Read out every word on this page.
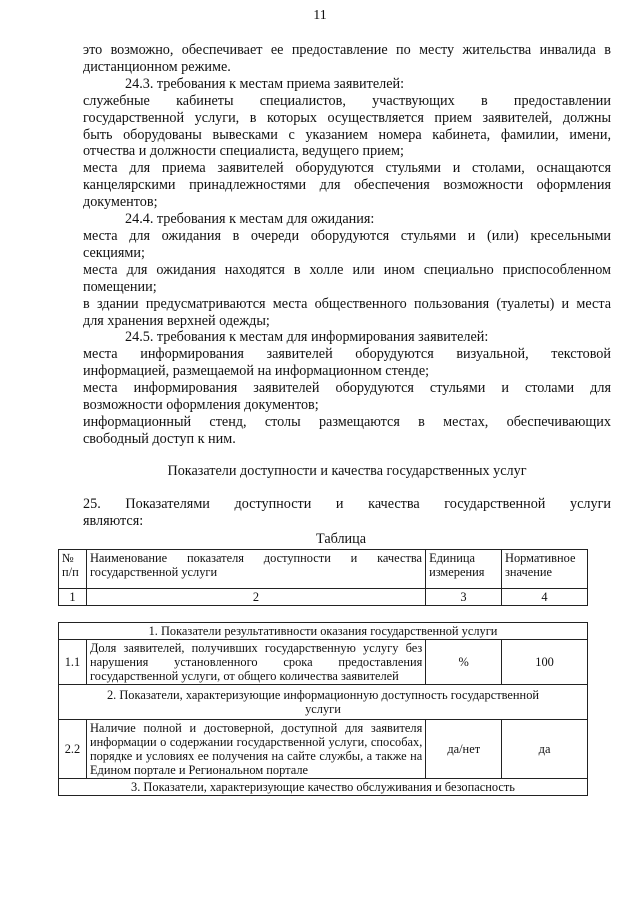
11
это возможно, обеспечивает ее предоставление по месту жительства инвалида в
дистанционном режиме.
24.3. требования к местам приема заявителей:
служебные кабинеты специалистов, участвующих в предоставлении
государственной услуги, в которых осуществляется прием заявителей, должны
быть оборудованы вывесками с указанием номера кабинета, фамилии, имени,
отчества и должности специалиста, ведущего прием;
места для приема заявителей оборудуются стульями и столами, оснащаются
канцелярскими принадлежностями для обеспечения возможности оформления
документов;
24.4. требования к местам для ожидания:
места для ожидания в очереди оборудуются стульями и (или) кресельными
секциями;
места для ожидания находятся в холле или ином специально приспособленном
помещении;
в здании предусматриваются места общественного пользования (туалеты) и места
для хранения верхней одежды;
24.5. требования к местам для информирования заявителей:
места информирования заявителей оборудуются визуальной, текстовой
информацией, размещаемой на информационном стенде;
места информирования заявителей оборудуются стульями и столами для
возможности оформления документов;
информационный стенд, столы размещаются в местах, обеспечивающих
свободный доступ к ним.
Показатели доступности и качества государственных услуг
25. Показателями доступности и качества государственной услуги
являются:
Таблица
№ п/п	Наименование показателя доступности и качества государственной услуги	Единица измерения	Нормативное значение
1	2	3	4
1. Показатели результативности оказания государственной услуги			
1.1	Доля заявителей, получивших государственную услугу без нарушения установленного срока предоставления государственной услуги, от общего количества заявителей	%	100
2. Показатели, характеризующие информационную доступность государственной услуги			
2.2	Наличие полной и достоверной, доступной для заявителя информации о содержании государственной услуги, способах, порядке и условиях ее получения на сайте службы, а также на Едином портале и Региональном портале	да/нет	да
3. Показатели, характеризующие качество обслуживания и безопасность			
